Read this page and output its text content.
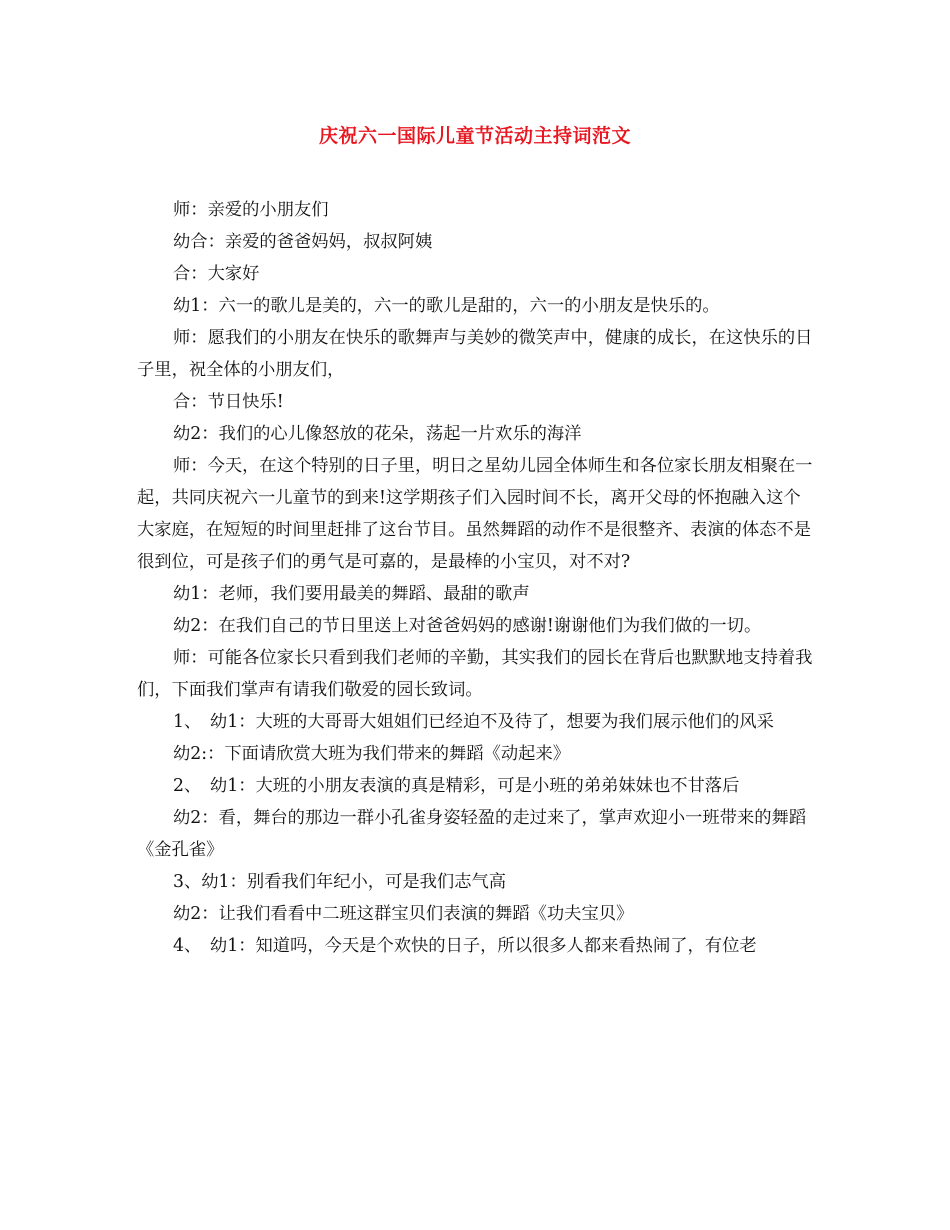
庆祝六一国际儿童节活动主持词范文

师：亲爱的小朋友们

幼合：亲爱的爸爸妈妈，叔叔阿姨

合：大家好

幼1：六一的歌儿是美的，六一的歌儿是甜的，六一的小朋友是快乐的。

师：愿我们的小朋友在快乐的歌舞声与美妙的微笑声中，健康的成长，在这快乐的日子里，祝全体的小朋友们，

合：节日快乐!

幼2：我们的心儿像怒放的花朵，荡起一片欢乐的海洋

师：今天，在这个特别的日子里，明日之星幼儿园全体师生和各位家长朋友相聚在一起，共同庆祝六一儿童节的到来!这学期孩子们入园时间不长，离开父母的怀抱融入这个大家庭，在短短的时间里赶排了这台节目。虽然舞蹈的动作不是很整齐、表演的体态不是很到位，可是孩子们的勇气是可嘉的，是最棒的小宝贝，对不对?

幼1：老师，我们要用最美的舞蹈、最甜的歌声

幼2：在我们自己的节日里送上对爸爸妈妈的感谢!谢谢他们为我们做的一切。

师：可能各位家长只看到我们老师的辛勤，其实我们的园长在背后也默默地支持着我们，下面我们掌声有请我们敬爱的园长致词。

1、　幼1：大班的大哥哥大姐姐们已经迫不及待了，想要为我们展示他们的风采

幼2:：下面请欣赏大班为我们带来的舞蹈《动起来》

2、　幼1：大班的小朋友表演的真是精彩，可是小班的弟弟妹妹也不甘落后

幼2：看，舞台的那边一群小孔雀身姿轻盈的走过来了，掌声欢迎小一班带来的舞蹈《金孔雀》

3、幼1：别看我们年纪小，可是我们志气高

幼2：让我们看看中二班这群宝贝们表演的舞蹈《功夫宝贝》

4、　幼1：知道吗，今天是个欢快的日子，所以很多人都来看热闹了，有位老
